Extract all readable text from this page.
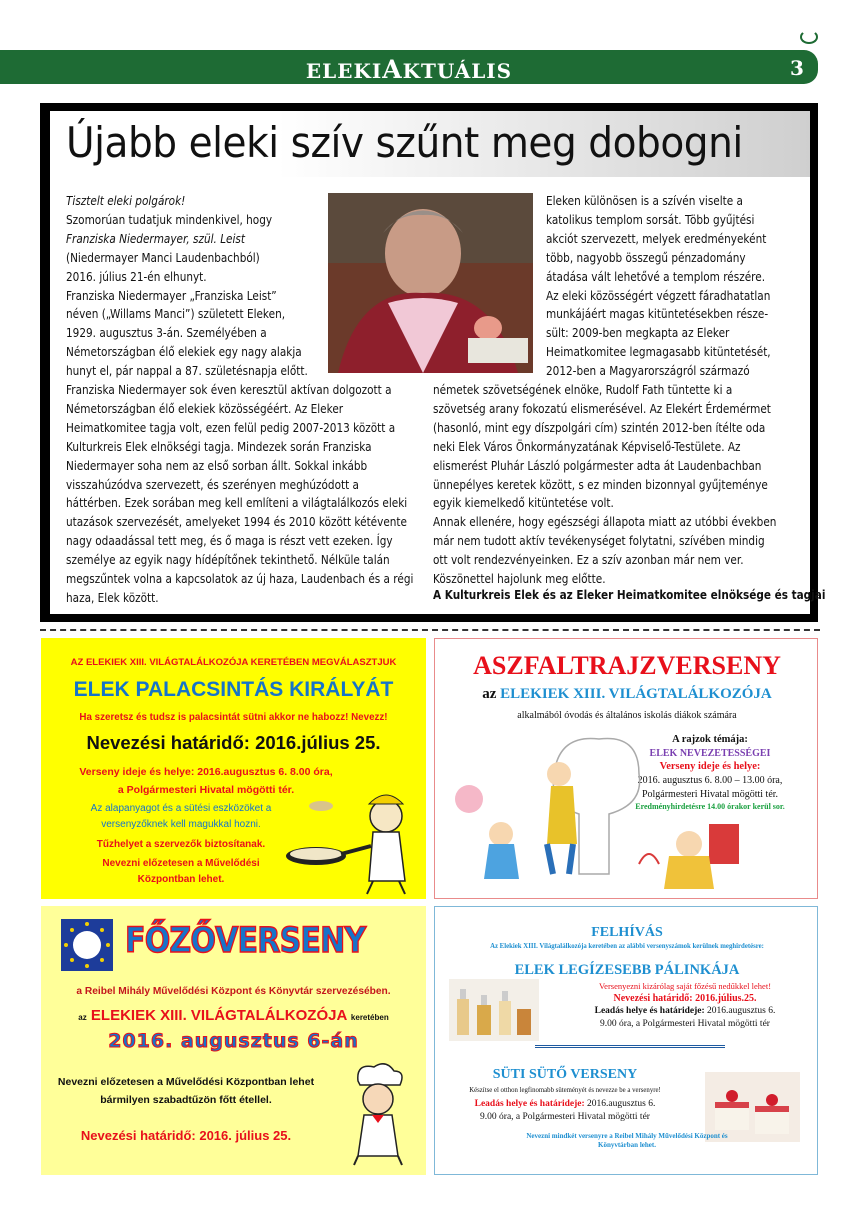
ELEKIAKTUÁLIS	3
Újabb eleki szív szűnt meg dobogni
Tisztelt eleki polgárok!
Szomorúan tudatjuk mindenkivel, hogy
Franziska Niedermayer, szül. Leist
(Niedermayer Manci Laudenbachból)
2016. július 21-én elhunyt.
Franziska Niedermayer „Franziska Leist”
néven („Willams Manci”) született Eleken,
1929. augusztus 3-án. Személyében a
Németországban élő elekiek egy nagy alakja
hunyt el, pár nappal a 87. születésnapja előtt.
Franziska Niedermayer sok éven keresztül aktívan dolgozott a
Németországban élő elekiek közösségéért. Az Eleker
Heimatkomitee tagja volt, ezen felül pedig 2007-2013 között a
Kulturkreis Elek elnökségi tagja. Mindezek során Franziska
Niedermayer soha nem az első sorban állt. Sokkal inkább
visszahúzódva szervezett, és szerényen meghúzódott a
háttérben. Ezek sorában meg kell említeni a világtalálkozós eleki
utazások szervezését, amelyeket 1994 és 2010 között kétévente
nagy odaadással tett meg, és ő maga is részt vett ezeken. Így
személye az egyik nagy hídépítőnek tekinthető. Nélküle talán
megszűntek volna a kapcsolatok az új haza, Laudenbach és a régi
haza, Elek között.
Eleken különösen is a szívén viselte a
katolikus templom sorsát. Több gyűjtési
akciót szervezett, melyek eredményeként
több, nagyobb összegű pénzadomány
átadása vált lehetővé a templom részére.
Az eleki közösségért végzett fáradhatatlan
munkájáért magas kitüntetésekben része-
sült: 2009-ben megkapta az Eleker
Heimatkomitee legmagasabb kitüntetését,
2012-ben a Magyarországról származó
németek szövetségének elnöke, Rudolf Fath tüntette ki a
szövetség arany fokozatú elismerésével. Az Elekért Érdemérmet
(hasonló, mint egy díszpolgári cím) szintén 2012-ben ítélte oda
neki Elek Város Önkormányzatának Képviselő-Testülete. Az
elismerést Pluhár László polgármester adta át Laudenbachban
ünnepélyes keretek között, s ez minden bizonnyal gyűjteménye
egyik kiemelkedő kitüntetése volt.
Annak ellenére, hogy egészségi állapota miatt az utóbbi években
már nem tudott aktív tevékenységet folytatni, szívében mindig
ott volt rendezvényeinken. Ez a szív azonban már nem ver.
Köszönettel hajolunk meg előtte.
A Kulturkreis Elek és az Eleker Heimatkomitee elnöksége és tagjai
AZ ELEKIEK XIII. VILÁGTALÁLKOZÓJA KERETÉBEN MEGVÁLASZTJUK
ELEK PALACSINTÁS KIRÁLYÁT
Ha szeretsz és tudsz is palacsintát sütni akkor ne habozz! Nevezz!
Nevezési határidő: 2016.július 25.
Verseny ideje és helye: 2016.augusztus 6. 8.00 óra,
a Polgármesteri Hivatal mögötti tér.
Az alapanyagot és a sütési eszközöket a
versenyzőknek kell magukkal hozni.
Tűzhelyet a szervezők biztosítanak.
Nevezni előzetesen a Művelődési
Központban lehet.
ASZFALTRAJZVERSENY
az ELEKIEK XIII. VILÁGTALÁLKOZÓJA
alkalmából óvodás és általános iskolás diákok számára
A rajzok témája:
ELEK NEVEZETESSÉGEI
Verseny ideje és helye:
2016. augusztus 6. 8.00 – 13.00 óra,
Polgármesteri Hivatal mögötti tér.
Eredményhirdetésre 14.00 órakor kerül sor.
FŐZŐVERSENY
a Reibel Mihály Művelődési Központ és Könyvtár szervezésében.
az ELEKIEK XIII. VILÁGTALÁLKOZÓJA keretében
2016. augusztus 6-án
Nevezni előzetesen a Művelődési Központban lehet
bármilyen szabadtűzön főtt étellel.
Nevezési határidő: 2016. július 25.
FELHÍVÁS
Az Elekiek XIII. Világtalálkozója keretében az alábbi versenyszámok kerülnek meghirdetésre:
ELEK LEGÍZESEBB PÁLINKÁJA
Versenyezni kizárólag saját főzésű nedűkkel lehet!
Nevezési határidő: 2016.július.25.
Leadás helye és határideje: 2016.augusztus 6.
9.00 óra, a Polgármesteri Hivatal mögötti tér
SÜTI SÜTŐ VERSENY
Készítse el otthon legfinomabb süteményét és nevezze be a versenyre!
Leadás helye és határideje: 2016.augusztus 6.
9.00 óra, a Polgármesteri Hivatal mögötti tér
Nevezni mindkét versenyre a Reibel Mihály Művelődési Központ és
Könyvtárban lehet.
